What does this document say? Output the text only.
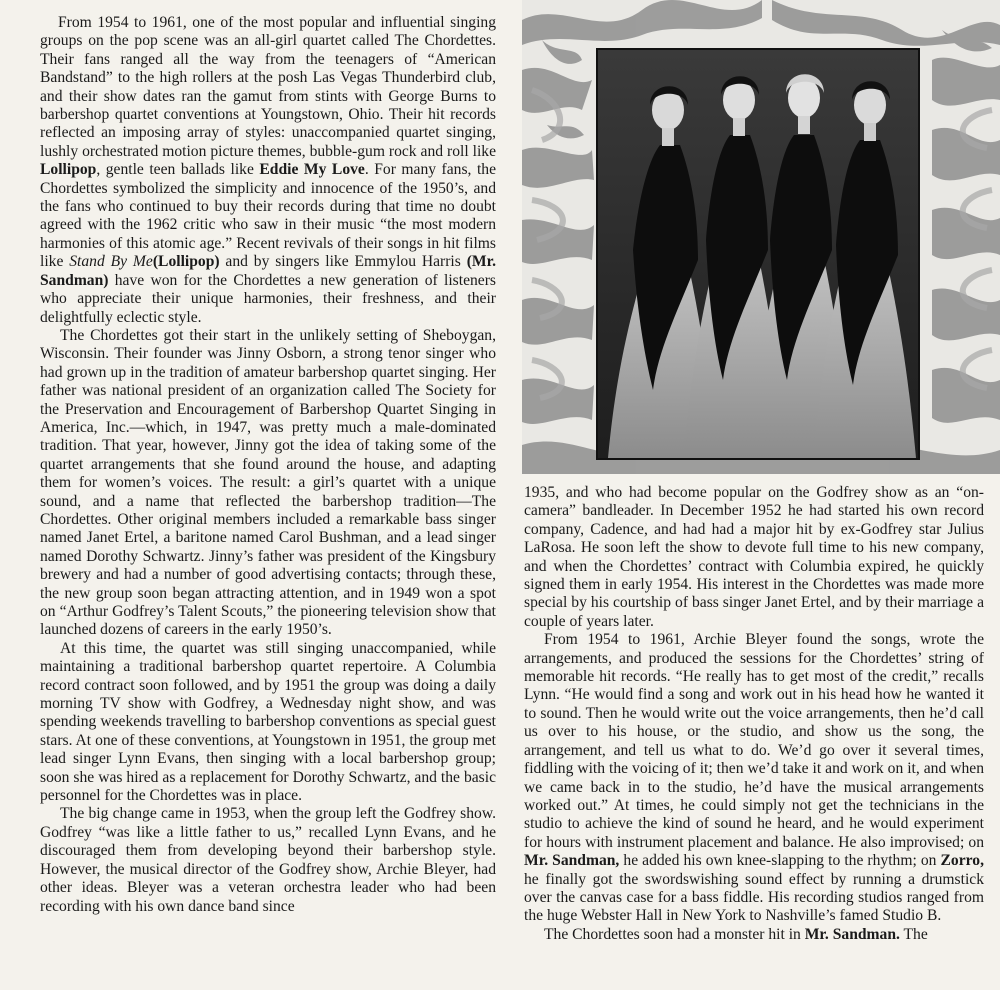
From 1954 to 1961, one of the most popular and influential singing groups on the pop scene was an all-girl quartet called The Chordettes. Their fans ranged all the way from the teenagers of “American Bandstand” to the high rollers at the posh Las Vegas Thunderbird club, and their show dates ran the gamut from stints with George Burns to barbershop quartet conventions at Youngstown, Ohio. Their hit records reflected an imposing array of styles: unaccompanied quartet singing, lushly orchestrated motion picture themes, bubble-gum rock and roll like Lollipop, gentle teen ballads like Eddie My Love. For many fans, the Chordettes symbolized the simplicity and innocence of the 1950’s, and the fans who continued to buy their records during that time no doubt agreed with the 1962 critic who saw in their music “the most modern harmonies of this atomic age.” Recent revivals of their songs in hit films like Stand By Me(Lollipop) and by singers like Emmylou Harris (Mr. Sandman) have won for the Chordettes a new generation of listeners who appreciate their unique harmonies, their freshness, and their delightfully eclectic style.

The Chordettes got their start in the unlikely setting of Sheboygan, Wisconsin. Their founder was Jinny Osborn, a strong tenor singer who had grown up in the tradition of amateur barbershop quartet singing. Her father was national president of an organization called The Society for the Preservation and Encouragement of Barbershop Quartet Singing in America, Inc.—which, in 1947, was pretty much a male-dominated tradition. That year, however, Jinny got the idea of taking some of the quartet arrangements that she found around the house, and adapting them for women’s voices. The result: a girl’s quartet with a unique sound, and a name that reflected the barbershop tradition—The Chordettes. Other original members included a remarkable bass singer named Janet Ertel, a baritone named Carol Bushman, and a lead singer named Dorothy Schwartz. Jinny’s father was president of the Kingsbury brewery and had a number of good advertising contacts; through these, the new group soon began attracting attention, and in 1949 won a spot on “Arthur Godfrey’s Talent Scouts,” the pioneering television show that launched dozens of careers in the early 1950’s.

At this time, the quartet was still singing unaccompanied, while maintaining a traditional barbershop quartet repertoire. A Columbia record contract soon followed, and by 1951 the group was doing a daily morning TV show with Godfrey, a Wednesday night show, and was spending weekends travelling to barbershop conventions as special guest stars. At one of these conventions, at Youngstown in 1951, the group met lead singer Lynn Evans, then singing with a local barbershop group; soon she was hired as a replacement for Dorothy Schwartz, and the basic personnel for the Chordettes was in place.

The big change came in 1953, when the group left the Godfrey show. Godfrey “was like a little father to us,” recalled Lynn Evans, and he discouraged them from developing beyond their barbershop style. However, the musical director of the Godfrey show, Archie Bleyer, had other ideas. Bleyer was a veteran orchestra leader who had been recording with his own dance band since

1935, and who had become popular on the Godfrey show as an “on-camera” bandleader. In December 1952 he had started his own record company, Cadence, and had had a major hit by ex-Godfrey star Julius LaRosa. He soon left the show to devote full time to his new company, and when the Chordettes’ contract with Columbia expired, he quickly signed them in early 1954. His interest in the Chordettes was made more special by his courtship of bass singer Janet Ertel, and by their marriage a couple of years later.

From 1954 to 1961, Archie Bleyer found the songs, wrote the arrangements, and produced the sessions for the Chordettes’ string of memorable hit records. “He really has to get most of the credit,” recalls Lynn. “He would find a song and work out in his head how he wanted it to sound. Then he would write out the voice arrangements, then he’d call us over to his house, or the studio, and show us the song, the arrangement, and tell us what to do. We’d go over it several times, fiddling with the voicing of it; then we’d take it and work on it, and when we came back in to the studio, he’d have the musical arrangements worked out.” At times, he could simply not get the technicians in the studio to achieve the kind of sound he heard, and he would experiment for hours with instrument placement and balance. He also improvised; on Mr. Sandman, he added his own knee-slapping to the rhythm; on Zorro, he finally got the swordswishing sound effect by running a drumstick over the canvas case for a bass fiddle. His recording studios ranged from the huge Webster Hall in New York to Nashville’s famed Studio B.

The Chordettes soon had a monster hit in Mr. Sandman. The
